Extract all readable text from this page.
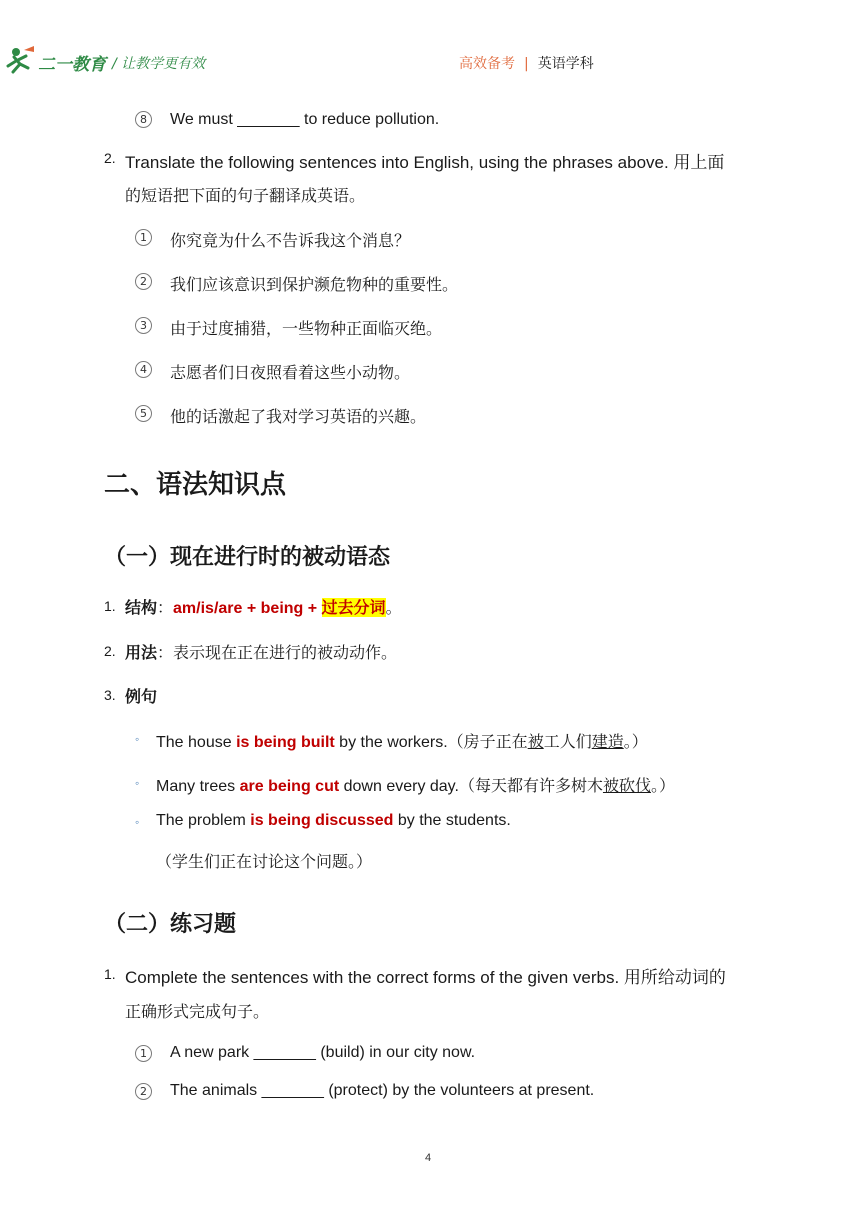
二一教育 / 让教学更有效	高效备考 | 英语学科
8	We must _______ to reduce pollution.
2. Translate the following sentences into English, using the phrases above. 用上面
的短语把下面的句子翻译成英语。
1	你究竟为什么不告诉我这个消息？
2	我们应该意识到保护濒危物种的重要性。
3	由于过度捕猎，一些物种正面临灭绝。
4	志愿者们日夜照看着这些小动物。
5	他的话激起了我对学习英语的兴趣。
二、语法知识点
（一）现在进行时的被动语态
1. 结构：am/is/are + being + 过去分词。
2. 用法：表示现在正在进行的被动动作。
3. 例句
◦ The house is being built by the workers.（房子正在被工人们建造。）
◦ Many trees are being cut down every day.（每天都有许多树木被砍伐。）
◦ The problem is being discussed by the students.
（学生们正在讨论这个问题。）
（二）练习题
1. Complete the sentences with the correct forms of the given verbs. 用所给动词的
正确形式完成句子。
1	A new park _______ (build) in our city now.
2	The animals _______ (protect) by the volunteers at present.
4
